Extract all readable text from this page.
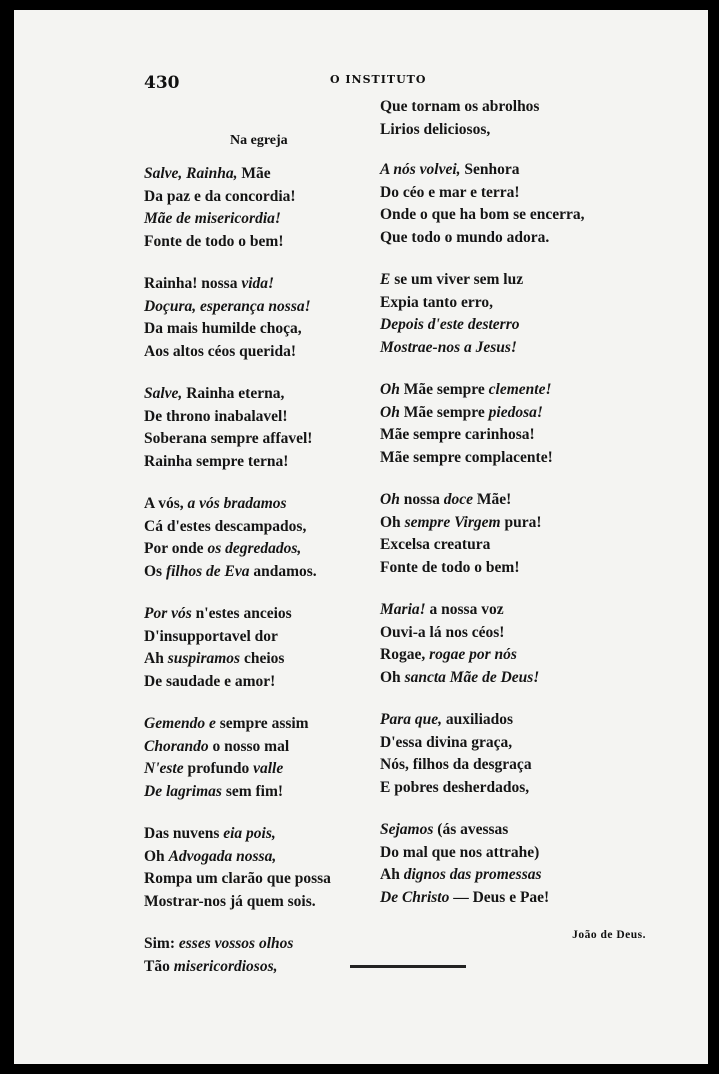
430	O INSTITUTO
Na egreja
Salve, Rainha, Mãe
Da paz e da concordia!
Mãe de misericordia!
Fonte de todo o bem!
Rainha! nossa vida!
Doçura, esperança nossa!
Da mais humilde choça,
Aos altos céos querida!
Salve, Rainha eterna,
De throno inabalavel!
Soberana sempre affavel!
Rainha sempre terna!
A vós, a vós bradamos
Cá d'estes descampados,
Por onde os degredados,
Os filhos de Eva andamos.
Por vós n'estes anceios
D'insupportavel dor
Ah suspiramos cheios
De saudade e amor!
Gemendo e sempre assim
Chorando o nosso mal
N'este profundo valle
De lagrimas sem fim!
Das nuvens eia pois,
Oh Advogada nossa,
Rompa um clarão que possa
Mostrar-nos já quem sois.
Sim: esses vossos olhos
Tão misericordiosos,
Que tornam os abrolhos
Lirios deliciosos,
A nós volvei, Senhora
Do céo e mar e terra!
Onde o que ha bom se encerra,
Que todo o mundo adora.
E se um viver sem luz
Expia tanto erro,
Depois d'este desterro
Mostrae-nos a Jesus!
Oh Mãe sempre clemente!
Oh Mãe sempre piedosa!
Mãe sempre carinhosa!
Mãe sempre complacente!
Oh nossa doce Mãe!
Oh sempre Virgem pura!
Excelsa creatura
Fonte de todo o bem!
Maria! a nossa voz
Ouvi-a lá nos céos!
Rogae, rogae por nós
Oh sancta Mãe de Deus!
Para que, auxiliados
D'essa divina graça,
Nós, filhos da desgraça
E pobres desherdados,
Sejamos (ás avessas
Do mal que nos attrahe)
Ah dignos das promessas
De Christo — Deus e Pae!
João de Deus.
